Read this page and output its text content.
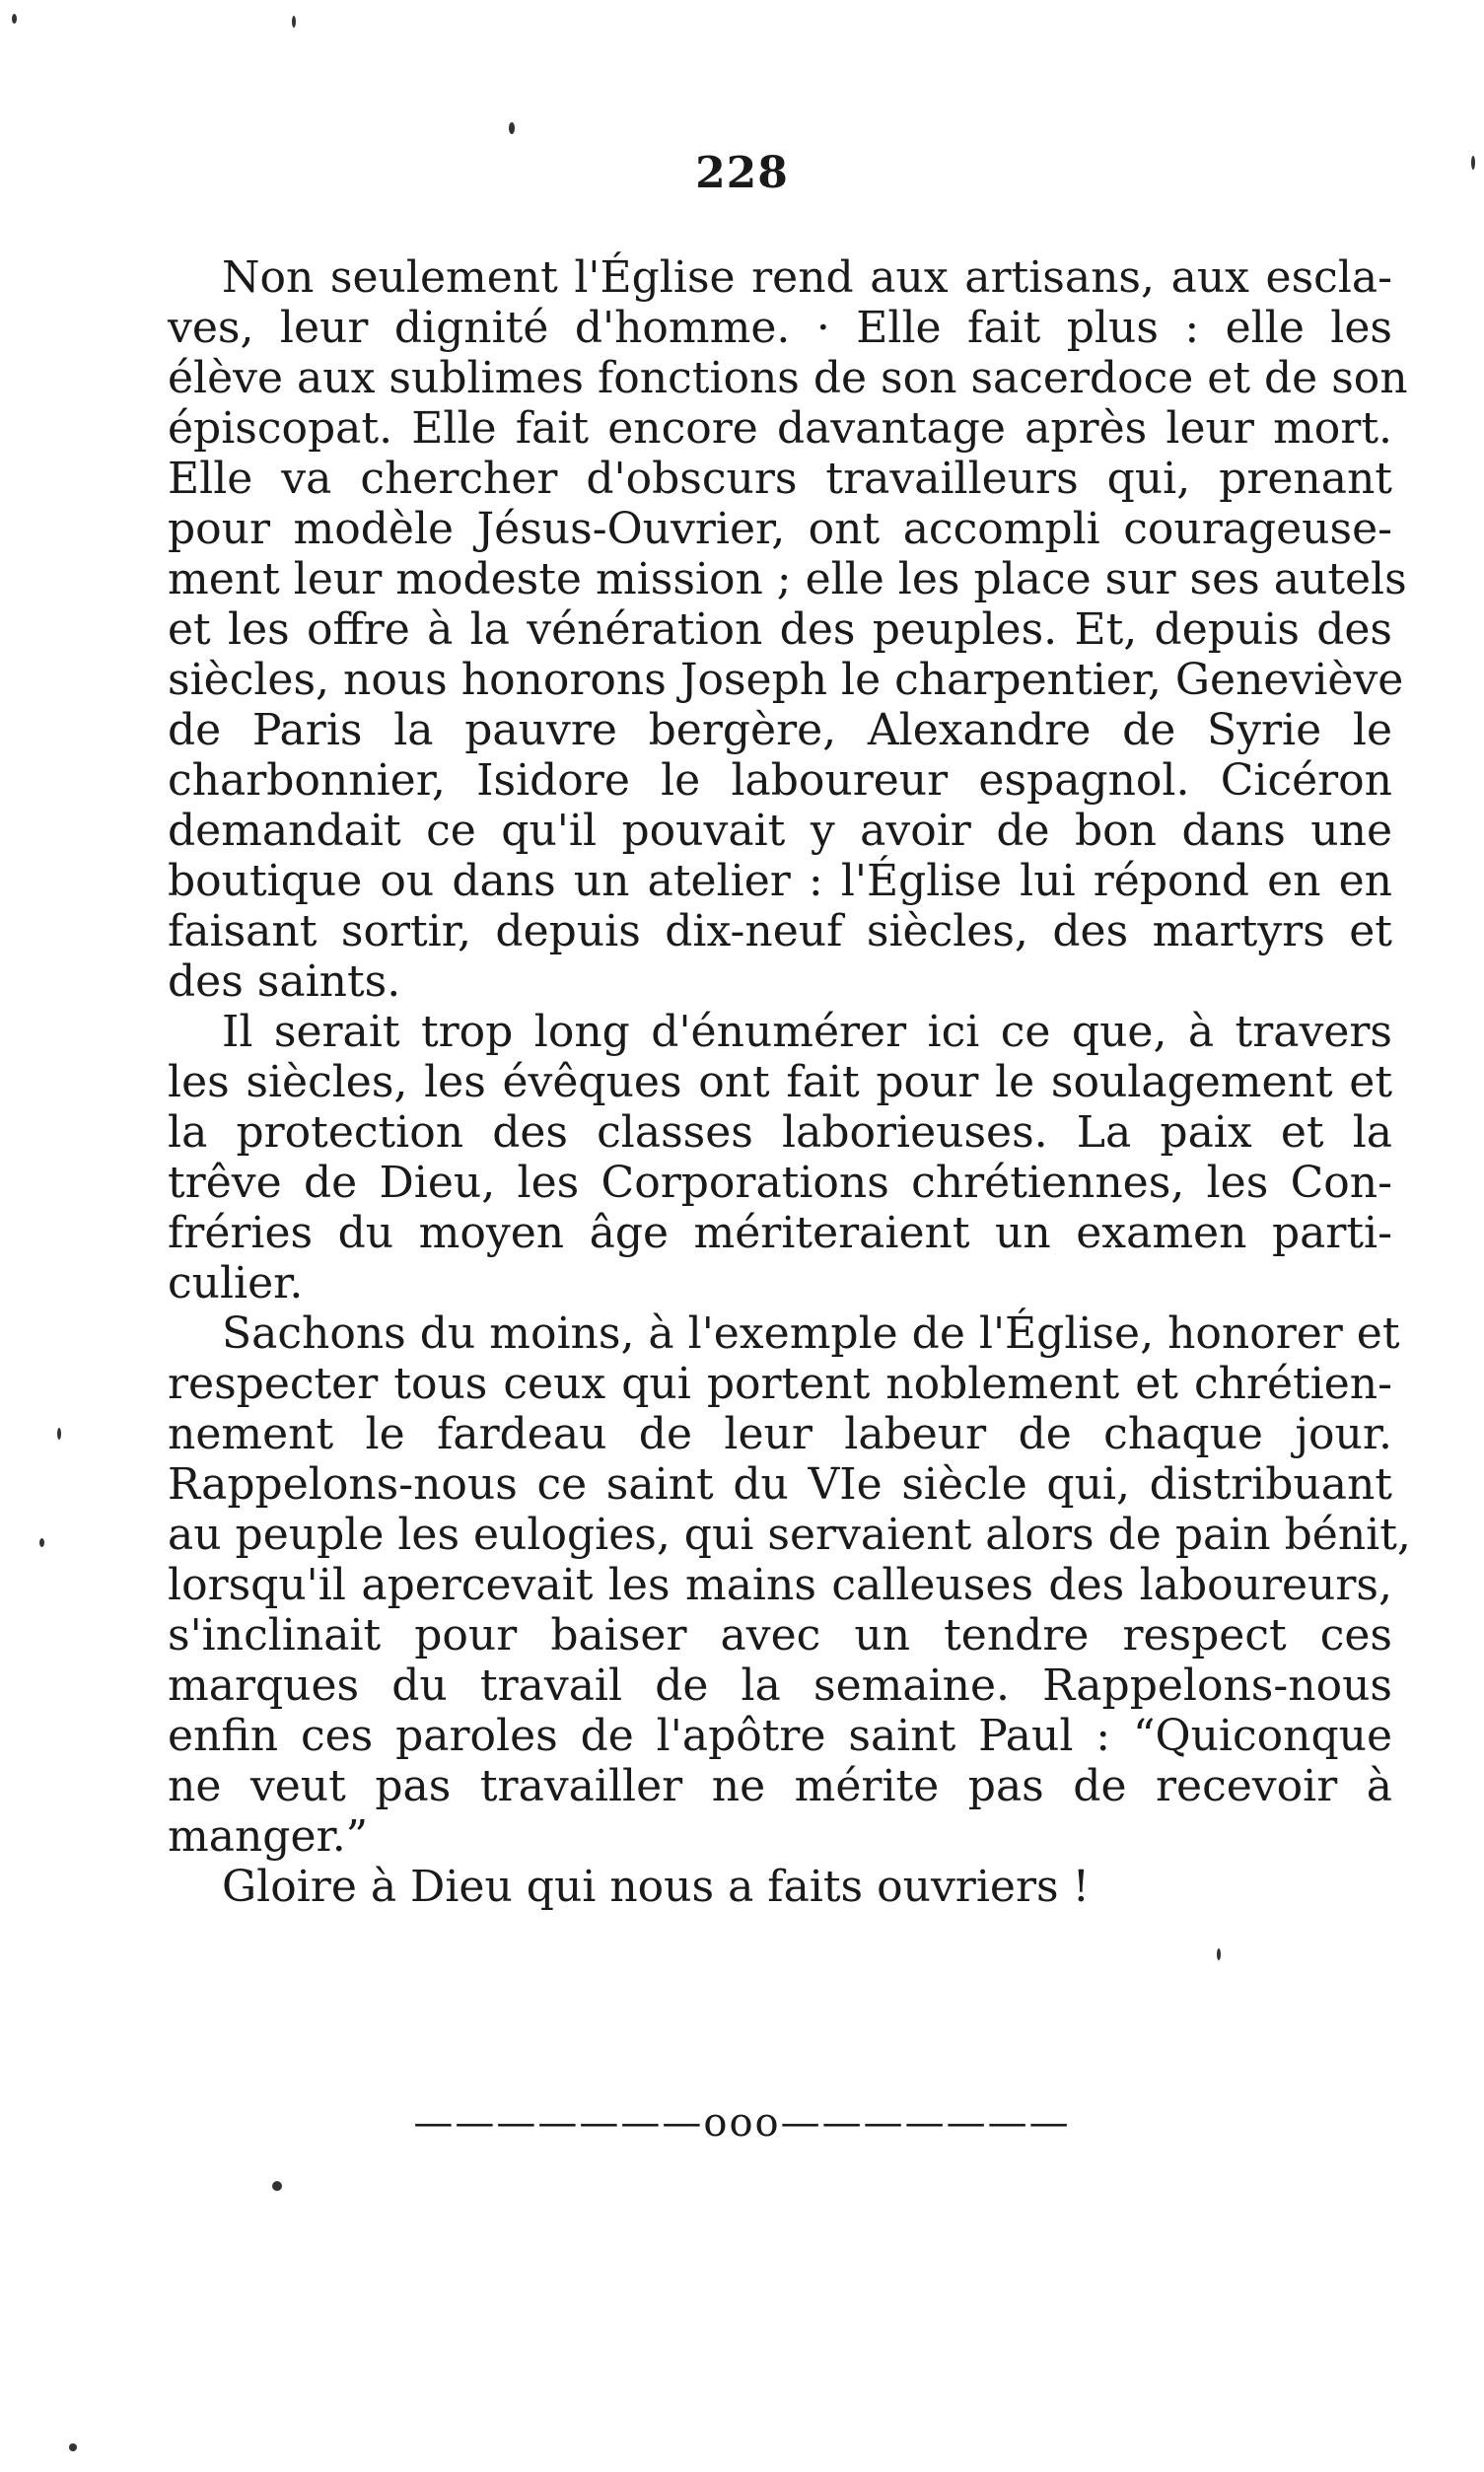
228

Non seulement l'Église rend aux artisans, aux escla-
ves, leur dignité d'homme. · Elle fait plus : elle les
élève aux sublimes fonctions de son sacerdoce et de son
épiscopat. Elle fait encore davantage après leur mort.
Elle va chercher d'obscurs travailleurs qui, prenant
pour modèle Jésus-Ouvrier, ont accompli courageuse-
ment leur modeste mission ; elle les place sur ses autels
et les offre à la vénération des peuples. Et, depuis des
siècles, nous honorons Joseph le charpentier, Geneviève
de Paris la pauvre bergère, Alexandre de Syrie le
charbonnier, Isidore le laboureur espagnol. Cicéron
demandait ce qu'il pouvait y avoir de bon dans une
boutique ou dans un atelier : l'Église lui répond en en
faisant sortir, depuis dix-neuf siècles, des martyrs et
des saints.

Il serait trop long d'énumérer ici ce que, à travers
les siècles, les évêques ont fait pour le soulagement et
la protection des classes laborieuses. La paix et la
trêve de Dieu, les Corporations chrétiennes, les Con-
fréries du moyen âge mériteraient un examen parti-
culier.

Sachons du moins, à l'exemple de l'Église, honorer et
respecter tous ceux qui portent noblement et chrétien-
nement le fardeau de leur labeur de chaque jour.
Rappelons-nous ce saint du VIe siècle qui, distribuant
au peuple les eulogies, qui servaient alors de pain bénit,
lorsqu'il apercevait les mains calleuses des laboureurs,
s'inclinait pour baiser avec un tendre respect ces
marques du travail de la semaine. Rappelons-nous
enfin ces paroles de l'apôtre saint Paul : “Quiconque
ne veut pas travailler ne mérite pas de recevoir à
manger.”

Gloire à Dieu qui nous a faits ouvriers !

———————ooo———————
